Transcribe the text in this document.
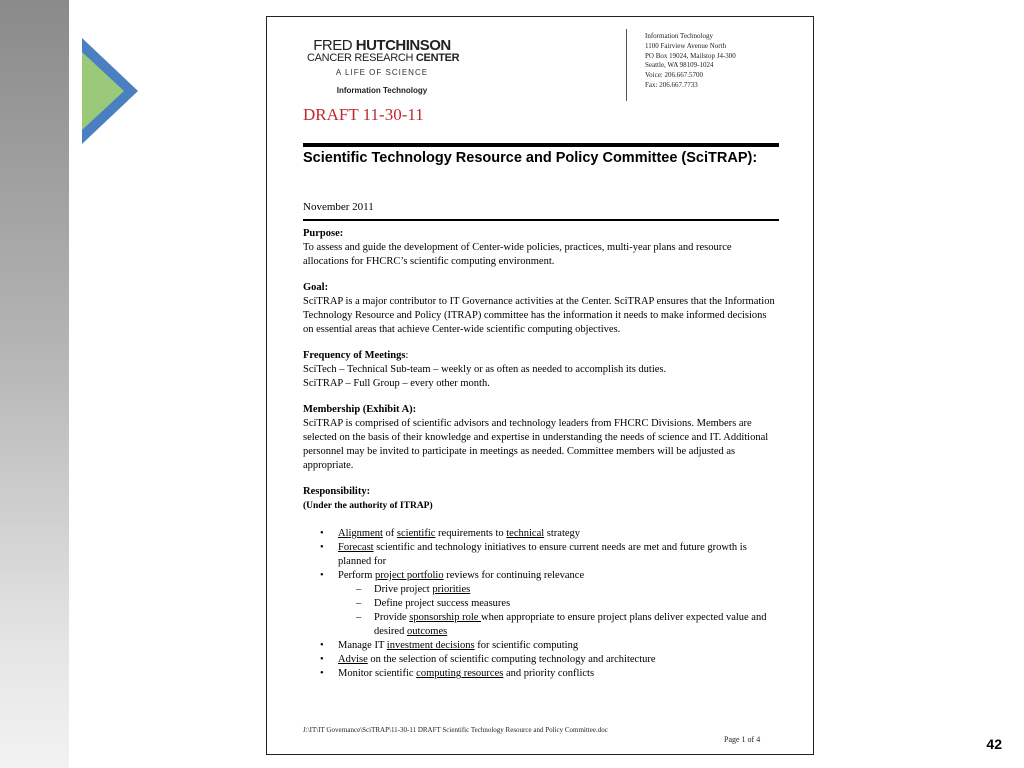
FRED HUTCHINSON
CANCER RESEARCH CENTER
A LIFE OF SCIENCE
Information Technology
Information Technology
1100 Fairview Avenue North
PO Box 19024, Mailstop J4-300
Seattle, WA 98109-1024
Voice: 206.667.5700
Fax: 206.667.7733
DRAFT 11-30-11
Scientific Technology Resource and Policy Committee (SciTRAP):
November 2011
Purpose:
To assess and guide the development of Center-wide policies, practices, multi-year plans and resource allocations for FHCRC’s scientific computing environment.
Goal:
SciTRAP is a major contributor to IT Governance activities at the Center. SciTRAP ensures that the Information Technology Resource and Policy (ITRAP) committee has the information it needs to make informed decisions on essential areas that achieve Center-wide scientific computing objectives.
Frequency of Meetings:
SciTech – Technical Sub-team – weekly or as often as needed to accomplish its duties.
SciTRAP – Full Group – every other month.
Membership (Exhibit A):
SciTRAP is comprised of scientific advisors and technology leaders from FHCRC Divisions. Members are selected on the basis of their knowledge and expertise in understanding the needs of science and IT. Additional personnel may be invited to participate in meetings as needed. Committee members will be adjusted as appropriate.
Responsibility:
(Under the authority of ITRAP)
• Alignment of scientific requirements to technical strategy
• Forecast scientific and technology initiatives to ensure current needs are met and future growth is planned for
• Perform project portfolio reviews for continuing relevance
– Drive project priorities
– Define project success measures
– Provide sponsorship role when appropriate to ensure project plans deliver expected value and desired outcomes
• Manage IT investment decisions for scientific computing
• Advise on the selection of scientific computing technology and architecture
• Monitor scientific computing resources and priority conflicts
J:\IT\IT Governance\SciTRAP\11-30-11 DRAFT Scientific Technology Resource and Policy Committee.doc
Page 1 of 4	42
